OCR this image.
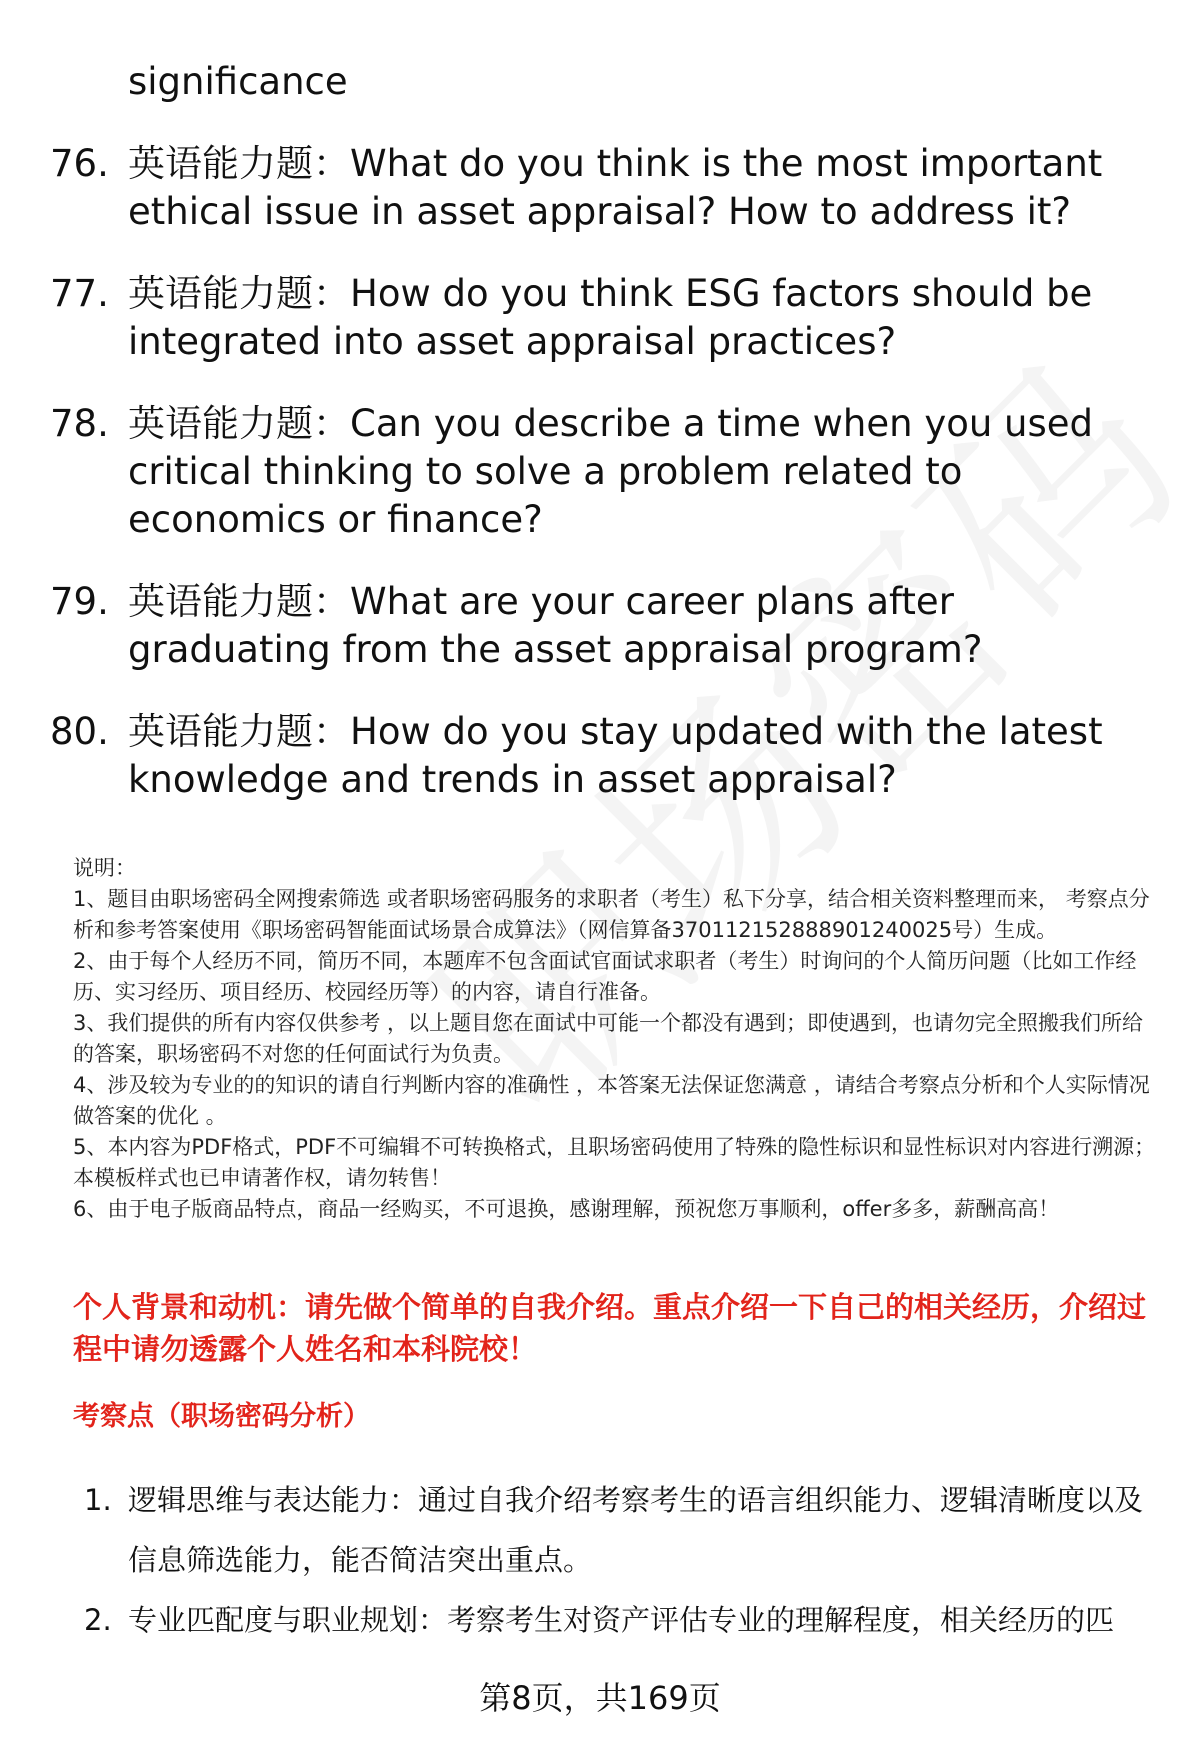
significance
76. 英语能力题：What do you think is the most important ethical issue in asset appraisal? How to address it?
77. 英语能力题：How do you think ESG factors should be integrated into asset appraisal practices?
78. 英语能力题：Can you describe a time when you used critical thinking to solve a problem related to economics or finance?
79. 英语能力题：What are your career plans after graduating from the asset appraisal program?
80. 英语能力题：How do you stay updated with the latest knowledge and trends in asset appraisal?

说明：

1、题目由职场密码全网搜索筛选 或者职场密码服务的求职者（考生）私下分享，结合相关资料整理而来， 考察点分析和参考答案使用《职场密码智能面试场景合成算法》（网信算备370112152888901240025号）生成。

2、由于每个人经历不同，简历不同，本题库不包含面试官面试求职者（考生）时询问的个人简历问题（比如工作经历、实习经历、项目经历、校园经历等）的内容，请自行准备。

3、我们提供的所有内容仅供参考 ，以上题目您在面试中可能一个都没有遇到；即使遇到，也请勿完全照搬我们所给的答案，职场密码不对您的任何面试行为负责。

4、涉及较为专业的的知识的请自行判断内容的准确性 ，本答案无法保证您满意 ，请结合考察点分析和个人实际情况做答案的优化 。

5、本内容为PDF格式，PDF不可编辑不可转换格式，且职场密码使用了特殊的隐性标识和显性标识对内容进行溯源；本模板样式也已申请著作权，请勿转售！

6、由于电子版商品特点，商品一经购买，不可退换，感谢理解，预祝您万事顺利，offer多多，薪酬高高！

个人背景和动机：请先做个简单的自我介绍。重点介绍一下自己的相关经历，介绍过程中请勿透露个人姓名和本科院校！
考察点（职场密码分析）
1. 逻辑思维与表达能力：通过自我介绍考察考生的语言组织能力、逻辑清晰度以及信息筛选能力，能否简洁突出重点。
2. 专业匹配度与职业规划：考察考生对资产评估专业的理解程度，相关经历的匹
第8页，共169页
